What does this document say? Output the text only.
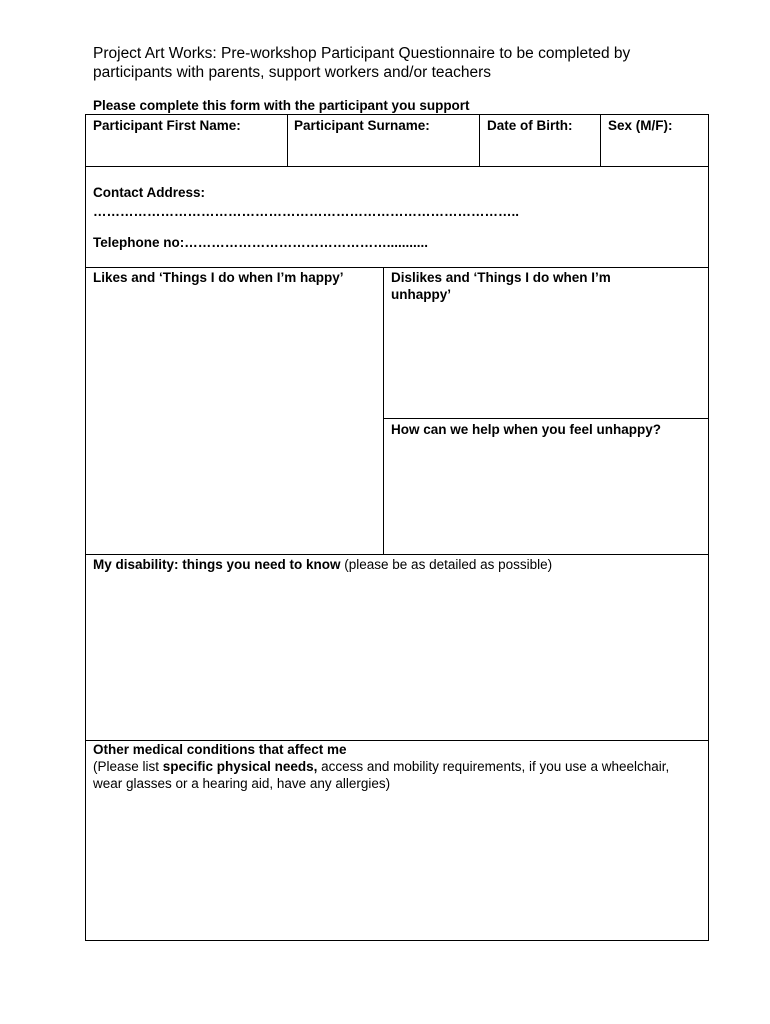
Project Art Works: Pre-workshop Participant Questionnaire to be completed by participants with parents, support workers and/or teachers
Please complete this form with the participant you support
Participant First Name:	Participant Surname:	Date of Birth:	Sex (M/F):
Contact Address:
…………………………………………………………………………………..
Telephone no:………………………………………...........
Likes and ‘Things I do when I’m happy’	Dislikes and ‘Things I do when I’m unhappy’
How can we help when you feel unhappy?
My disability: things you need to know (please be as detailed as possible)
Other medical conditions that affect me
(Please list specific physical needs, access and mobility requirements, if you use a wheelchair, wear glasses or a hearing aid, have any allergies)
